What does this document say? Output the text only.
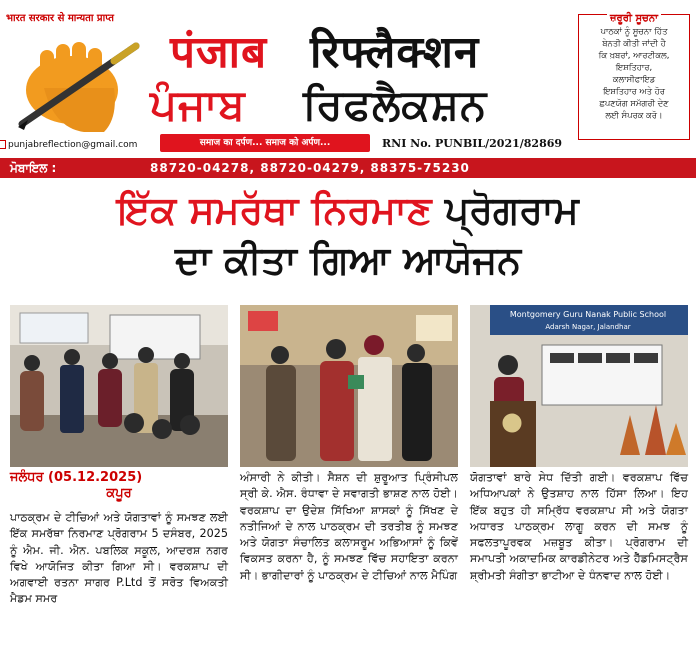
भारत सरकार से मान्यता प्राप्त
पंजाब रिफ्लैक्शन
ਪੰਜਾਬ ਰਿਫਲੈਕਸ਼ਨ
punjabreflection@gmail.com	समाज का दर्पण... समाज को अर्पण...	RNI No. PUNBIL/2021/82869
ਜ਼ਰੂਰੀ ਸੂਚਨਾ
ਪਾਠਕਾਂ ਨੂੰ ਸੂਚਨਾ ਹਿੱਤ
ਬੇਨਤੀ ਕੀਤੀ ਜਾਂਦੀ ਹੈ
ਕਿ ਖ਼ਬਰਾਂ, ਆਰਟੀਕਲ,
ਇਸ਼ਤਿਹਾਰ,
ਕਲਾਸੀਫਾਇਡ
ਇਸ਼ਤਿਹਾਰ ਅਤੇ ਹੋਰ
ਛਪਣਯੋਗ ਸਮੱਗਰੀ ਦੇਣ
ਲਈ ਸੰਪਰਕ ਕਰੋ।
ਮੋਬਾਇਲ :	88720-04278, 88720-04279, 88375-75230
ਇੱਕ ਸਮਰੱਥਾ ਨਿਰਮਾਣ ਪ੍ਰੋਗਰਾਮ
ਦਾ ਕੀਤਾ ਗਿਆ ਆਯੋਜਨ
Montgomery Guru Nanak Public School
Adarsh Nagar, Jalandhar
ਜਲੰਧਰ (05.12.2025)
ਕਪੂਰ
ਪਾਠਕ੍ਰਮ ਦੇ ਟੀਚਿਆਂ ਅਤੇ ਯੋਗਤਾਵਾਂ ਨੂੰ ਸਮਝਣ ਲਈ ਇੱਕ ਸਮਰੱਥਾ ਨਿਰਮਾਣ ਪ੍ਰੋਗਰਾਮ 5 ਦਸੰਬਰ, 2025 ਨੂੰ ਐਮ. ਜੀ. ਐਨ. ਪਬਲਿਕ ਸਕੂਲ, ਆਦਰਸ਼ ਨਗਰ ਵਿਖੇ ਆਯੋਜਿਤ ਕੀਤਾ ਗਿਆ ਸੀ। ਵਰਕਸ਼ਾਪ ਦੀ ਅਗਵਾਈ ਰਤਨਾ ਸਾਗਰ P.Ltd ਤੋਂ ਸਰੋਤ ਵਿਅਕਤੀ ਮੈਡਮ ਸਮਰ
ਅੰਸਾਰੀ ਨੇ ਕੀਤੀ। ਸੈਸ਼ਨ ਦੀ ਸ਼ੁਰੂਆਤ ਪ੍ਰਿੰਸੀਪਲ ਸ੍ਰੀ ਕੇ. ਐਸ. ਰੰਧਾਵਾ ਦੇ ਸਵਾਗਤੀ ਭਾਸ਼ਣ ਨਾਲ ਹੋਈ। ਵਰਕਸ਼ਾਪ ਦਾ ਉਦੇਸ਼ ਸਿੱਖਿਆ ਸ਼ਾਸਕਾਂ ਨੂੰ ਸਿੱਖਣ ਦੇ ਨਤੀਜਿਆਂ ਦੇ ਨਾਲ ਪਾਠਕ੍ਰਮ ਦੀ ਤਰਤੀਬ ਨੂੰ ਸਮਝਣ ਅਤੇ ਯੋਗਤਾ ਸੰਚਾਲਿਤ ਕਲਾਸਰੂਮ ਅਭਿਆਸਾਂ ਨੂੰ ਕਿਵੇਂ ਵਿਕਸਤ ਕਰਨਾ ਹੈ, ਨੂੰ ਸਮਝਣ ਵਿੱਚ ਸਹਾਇਤਾ ਕਰਨਾ ਸੀ। ਭਾਗੀਦਾਰਾਂ ਨੂੰ ਪਾਠਕ੍ਰਮ ਦੇ ਟੀਚਿਆਂ ਨਾਲ ਮੈਪਿੰਗ
ਯੋਗਤਾਵਾਂ ਬਾਰੇ ਸੇਧ ਦਿੱਤੀ ਗਈ। ਵਰਕਸ਼ਾਪ ਵਿੱਚ ਅਧਿਆਪਕਾਂ ਨੇ ਉਤਸ਼ਾਹ ਨਾਲ ਹਿੱਸਾ ਲਿਆ। ਇਹ ਇੱਕ ਬਹੁਤ ਹੀ ਸਮ੍ਰਿੱਧ ਵਰਕਸ਼ਾਪ ਸੀ ਅਤੇ ਯੋਗਤਾ ਅਧਾਰਤ ਪਾਠਕ੍ਰਮ ਲਾਗੂ ਕਰਨ ਦੀ ਸਮਝ ਨੂੰ ਸਫਲਤਾਪੂਰਵਕ ਮਜ਼ਬੂਤ ਕੀਤਾ। ਪ੍ਰੋਗਰਾਮ ਦੀ ਸਮਾਪਤੀ ਅਕਾਦਮਿਕ ਕਾਰਡੀਨੇਟਰ ਅਤੇ ਹੈੱਡਮਿਸਟ੍ਰੈਸ ਸ਼੍ਰੀਮਤੀ ਸੰਗੀਤਾ ਭਾਟੀਆ ਦੇ ਧੰਨਵਾਦ ਨਾਲ ਹੋਈ।
